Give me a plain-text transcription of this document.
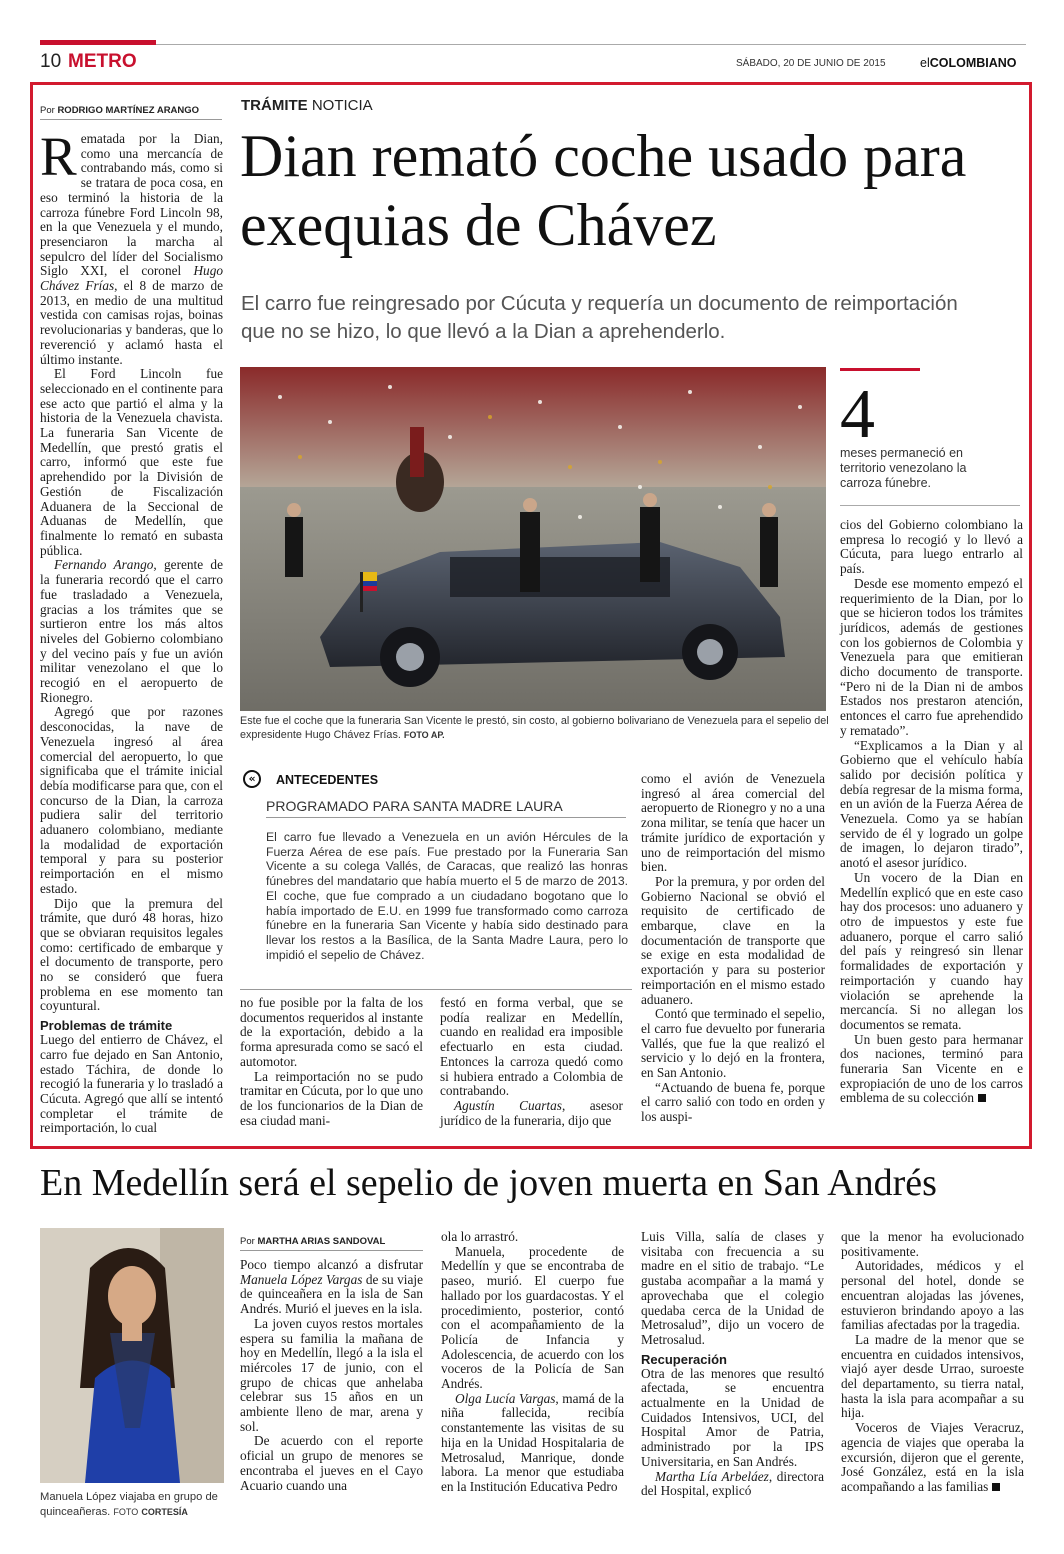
10 METRO	SÁBADO, 20 DE JUNIO DE 2015	elCOLOMBIANO
Por RODRIGO MARTÍNEZ ARANGO	TRÁMITE NOTICIA
Dian remató coche usado para exequias de Chávez
El carro fue reingresado por Cúcuta y requería un documento de reimportación que no se hizo, lo que llevó a la Dian a aprehenderlo.
Este fue el coche que la funeraria San Vicente le prestó, sin costo, al gobierno bolivariano de Venezuela para el sepelio del expresidente Hugo Chávez Frías. FOTO AP.
4
meses permaneció en territorio venezolano la carroza fúnebre.
«	ANTECEDENTES
PROGRAMADO PARA SANTA MADRE LAURA
El carro fue llevado a Venezuela en un avión Hércules de la Fuerza Aérea de ese país. Fue prestado por la Funeraria San Vicente a su colega Vallés, de Caracas, que realizó las honras fúnebres del mandatario que había muerto el 5 de marzo de 2013. El coche, que fue comprado a un ciudadano bogotano que lo había importado de E.U. en 1999 fue transformado como carroza fúnebre en la funeraria San Vicente y había sido destinado para llevar los restos a la Basílica, de la Santa Madre Laura, pero lo impidió el sepelio de Chávez.

Rematada por la Dian, como una mercancía de contrabando más, como si se tratara de poca cosa, en eso terminó la historia de la carroza fúnebre Ford Lincoln 98, en la que Venezuela y el mundo, presenciaron la marcha al sepulcro del líder del Socialismo Siglo XXI, el coronel Hugo Chávez Frías, el 8 de marzo de 2013, en medio de una multitud vestida con camisas rojas, boinas revolucionarias y banderas, que lo reverenció y aclamó hasta el último instante.

El Ford Lincoln fue seleccionado en el continente para ese acto que partió el alma y la historia de la Venezuela chavista. La funeraria San Vicente de Medellín, que prestó gratis el carro, informó que este fue aprehendido por la División de Gestión de Fiscalización Aduanera de la Seccional de Aduanas de Medellín, que finalmente lo remató en subasta pública.

Fernando Arango, gerente de la funeraria recordó que el carro fue trasladado a Venezuela, gracias a los trámites que se surtieron entre los más altos niveles del Gobierno colombiano y del vecino país y fue un avión militar venezolano el que lo recogió en el aeropuerto de Rionegro.

Agregó que por razones desconocidas, la nave de Venezuela ingresó al área comercial del aeropuerto, lo que significaba que el trámite inicial debía modificarse para que, con el concurso de la Dian, la carroza pudiera salir del territorio aduanero colombiano, mediante la modalidad de exportación temporal y para su posterior reimportación en el mismo estado.

Dijo que la premura del trámite, que duró 48 horas, hizo que se obviaran requisitos legales como: certificado de embarque y el documento de transporte, pero no se consideró que fuera problema en ese momento tan coyuntural.

Problemas de trámite

Luego del entierro de Chávez, el carro fue dejado en San Antonio, estado Táchira, de donde lo recogió la funeraria y lo trasladó a Cúcuta. Agregó que allí se intentó completar el trámite de reimportación, lo cual

no fue posible por la falta de los documentos requeridos al instante de la exportación, debido a la forma apresurada como se sacó el automotor.

La reimportación no se pudo tramitar en Cúcuta, por lo que uno de los funcionarios de la Dian de esa ciudad mani-

festó en forma verbal, que se podía realizar en Medellín, cuando en realidad era imposible efectuarlo en esta ciudad. Entonces la carroza quedó como si hubiera entrado a Colombia de contrabando.

Agustín Cuartas, asesor jurídico de la funeraria, dijo que

como el avión de Venezuela ingresó al área comercial del aeropuerto de Rionegro y no a una zona militar, se tenía que hacer un trámite jurídico de exportación y uno de reimportación del mismo bien.

Por la premura, y por orden del Gobierno Nacional se obvió el requisito de certificado de embarque, clave en la documentación de transporte que se exige en esta modalidad de exportación y para su posterior reimportación en el mismo estado aduanero.

Contó que terminado el sepelio, el carro fue devuelto por funeraria Vallés, que fue la que realizó el servicio y lo dejó en la frontera, en San Antonio.

“Actuando de buena fe, porque el carro salió con todo en orden y los auspi-

cios del Gobierno colombiano la empresa lo recogió y lo llevó a Cúcuta, para luego entrarlo al país.

Desde ese momento empezó el requerimiento de la Dian, por lo que se hicieron todos los trámites jurídicos, además de gestiones con los gobiernos de Colombia y Venezuela para que emitieran dicho documento de transporte. “Pero ni de la Dian ni de ambos Estados nos prestaron atención, entonces el carro fue aprehendido y rematado”.

“Explicamos a la Dian y al Gobierno que el vehículo había salido por decisión política y debía regresar de la misma forma, en un avión de la Fuerza Aérea de Venezuela. Como ya se habían servido de él y logrado un golpe de imagen, lo dejaron tirado”, anotó el asesor jurídico.

Un vocero de la Dian en Medellín explicó que en este caso hay dos procesos: uno aduanero y otro de impuestos y este fue aduanero, porque el carro salió del país y reingresó sin llenar formalidades de exportación y reimportación y cuando hay violación se aprehende la mercancía. Si no allegan los documentos se remata.

Un buen gesto para hermanar dos naciones, terminó para funeraria San Vicente en e expropiación de uno de los carros emblema de su colección

En Medellín será el sepelio de joven muerta en San Andrés
Manuela López viajaba en grupo de quinceañeras. FOTO CORTESÍA
Por MARTHA ARIAS SANDOVAL

Poco tiempo alcanzó a disfrutar Manuela López Vargas de su viaje de quinceañera en la isla de San Andrés. Murió el jueves en la isla.

La joven cuyos restos mortales espera su familia la mañana de hoy en Medellín, llegó a la isla el miércoles 17 de junio, con el grupo de chicas que anhelaba celebrar sus 15 años en un ambiente lleno de mar, arena y sol.

De acuerdo con el reporte oficial un grupo de menores se encontraba el jueves en el Cayo Acuario cuando una

ola lo arrastró.

Manuela, procedente de Medellín y que se encontraba de paseo, murió. El cuerpo fue hallado por los guardacostas. Y el procedimiento, posterior, contó con el acompañamiento de la Policía de Infancia y Adolescencia, de acuerdo con los voceros de la Policía de San Andrés.

Olga Lucía Vargas, mamá de la niña fallecida, recibía constantemente las visitas de su hija en la Unidad Hospitalaria de Metrosalud, Manrique, donde labora. La menor que estudiaba en la Institución Educativa Pedro

Luis Villa, salía de clases y visitaba con frecuencia a su madre en el sitio de trabajo. “Le gustaba acompañar a la mamá y aprovechaba que el colegio quedaba cerca de la Unidad de Metrosalud”, dijo un vocero de Metrosalud.

Recuperación

Otra de las menores que resultó afectada, se encuentra actualmente en la Unidad de Cuidados Intensivos, UCI, del Hospital Amor de Patria, administrado por la IPS Universitaria, en San Andrés.

Martha Lía Arbeláez, directora del Hospital, explicó

que la menor ha evolucionado positivamente.

Autoridades, médicos y el personal del hotel, donde se encuentran alojadas las jóvenes, estuvieron brindando apoyo a las familias afectadas por la tragedia.

La madre de la menor que se encuentra en cuidados intensivos, viajó ayer desde Urrao, suroeste del departamento, su tierra natal, hasta la isla para acompañar a su hija.

Voceros de Viajes Veracruz, agencia de viajes que operaba la excursión, dijeron que el gerente, José González, está en la isla acompañando a las familias
